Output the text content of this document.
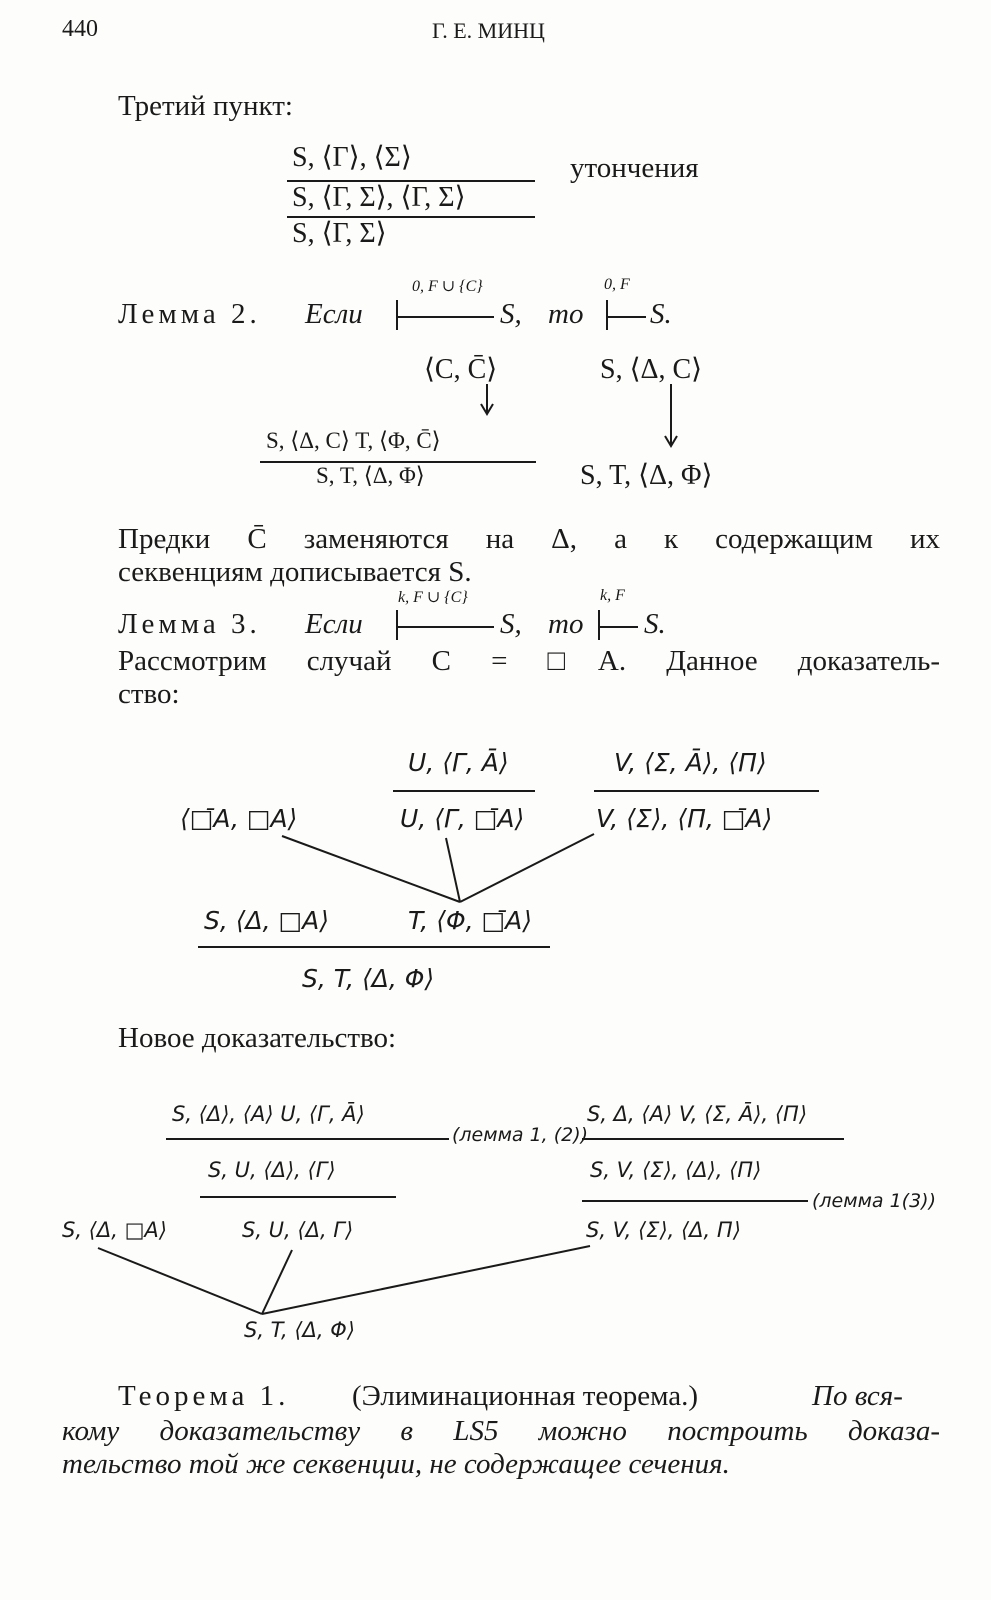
440	Г. Е. МИНЦ
Третий пункт:
S, ⟨Γ⟩, ⟨Σ⟩
S, ⟨Γ, Σ⟩, ⟨Γ, Σ⟩
S, ⟨Γ, Σ⟩
утончения
Лемма 2. Если
0, F ∪ {C}
S, то
0, F
S.
⟨C, C̄⟩	S, ⟨Δ, C⟩
S, ⟨Δ, C⟩ T, ⟨Φ, C̄⟩
S, T, ⟨Δ, Φ⟩	S, T, ⟨Δ, Φ⟩
Предки C̄ заменяются на Δ, а к содержащим их
секвенциям дописывается S.
Лемма 3. Если
k, F ∪ {C}
S, то
k, F
S.
Рассмотрим случай C = □A. Данное доказатель-
ство:
U, ⟨Γ, Ā⟩
U, ⟨Γ, □̄A⟩
V, ⟨Σ, Ā⟩, ⟨Π⟩
V, ⟨Σ⟩, ⟨Π, □̄A⟩
⟨□̄A, □A⟩
S, ⟨Δ, □A⟩	T, ⟨Φ, □̄A⟩
S, T, ⟨Δ, Φ⟩
Новое доказательство:
S, ⟨Δ⟩, ⟨A⟩ U, ⟨Γ, Ā⟩
S, U, ⟨Δ⟩, ⟨Γ⟩
(лемма 1, (2))
S, Δ, ⟨A⟩ V, ⟨Σ, Ā⟩, ⟨Π⟩
S, V, ⟨Σ⟩, ⟨Δ⟩, ⟨Π⟩
(лемма 1(3))
S, V, ⟨Σ⟩, ⟨Δ, Π⟩
S, ⟨Δ, □A⟩	S, U, ⟨Δ, Γ⟩
S, T, ⟨Δ, Φ⟩
Теорема 1. (Элиминационная теорема.)	По вся-
кому доказательству в LS5 можно построить доказа-
тельство той же секвенции, не содержащее сечения.
